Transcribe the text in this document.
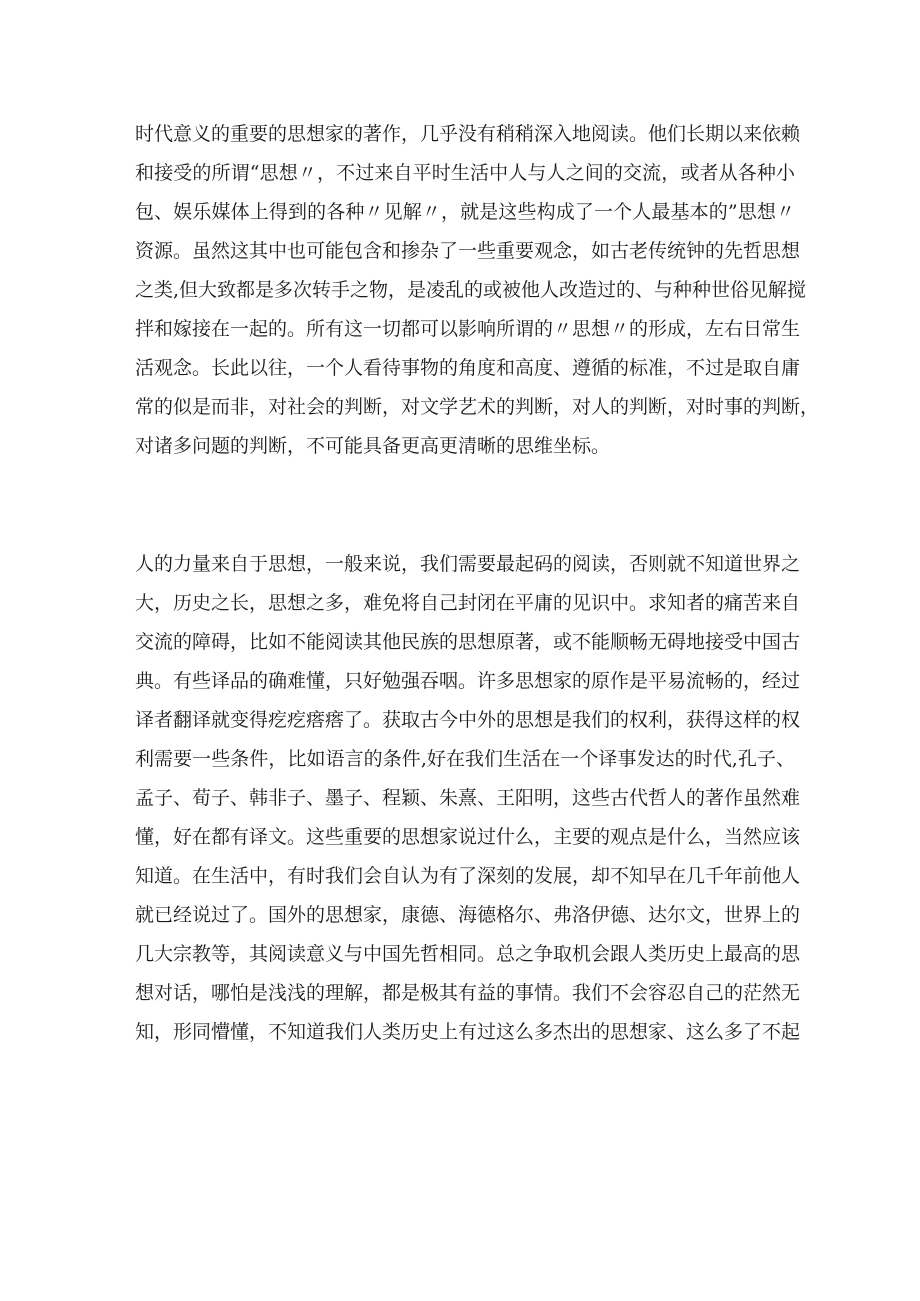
时代意义的重要的思想家的著作，几乎没有稍稍深入地阅读。他们长期以来依赖
和接受的所谓“思想〃，不过来自平时生活中人与人之间的交流，或者从各种小
包、娱乐媒体上得到的各种〃见解〃，就是这些构成了一个人最基本的”思想〃
资源。虽然这其中也可能包含和掺杂了一些重要观念，如古老传统钟的先哲思想
之类,但大致都是多次转手之物，是凌乱的或被他人改造过的、与种种世俗见解搅
拌和嫁接在一起的。所有这一切都可以影响所谓的〃思想〃的形成，左右日常生
活观念。长此以往，一个人看待事物的角度和高度、遵循的标准，不过是取自庸
常的似是而非，对社会的判断，对文学艺术的判断，对人的判断，对时事的判断，
对诸多问题的判断，不可能具备更高更清晰的思维坐标。
人的力量来自于思想，一般来说，我们需要最起码的阅读，否则就不知道世界之
大，历史之长，思想之多，难免将自己封闭在平庸的见识中。求知者的痛苦来自
交流的障碍，比如不能阅读其他民族的思想原著，或不能顺畅无碍地接受中国古
典。有些译品的确难懂，只好勉强吞咽。许多思想家的原作是平易流畅的，经过
译者翻译就变得疙疙瘩瘩了。获取古今中外的思想是我们的权利，获得这样的权
利需要一些条件，比如语言的条件,好在我们生活在一个译事发达的时代,孔子、
孟子、荀子、韩非子、墨子、程颖、朱熹、王阳明，这些古代哲人的著作虽然难
懂，好在都有译文。这些重要的思想家说过什么，主要的观点是什么，当然应该
知道。在生活中，有时我们会自认为有了深刻的发展，却不知早在几千年前他人
就已经说过了。国外的思想家，康德、海德格尔、弗洛伊德、达尔文，世界上的
几大宗教等，其阅读意义与中国先哲相同。总之争取机会跟人类历史上最高的思
想对话，哪怕是浅浅的理解，都是极其有益的事情。我们不会容忍自己的茫然无
知，形同懵懂，不知道我们人类历史上有过这么多杰出的思想家、这么多了不起
